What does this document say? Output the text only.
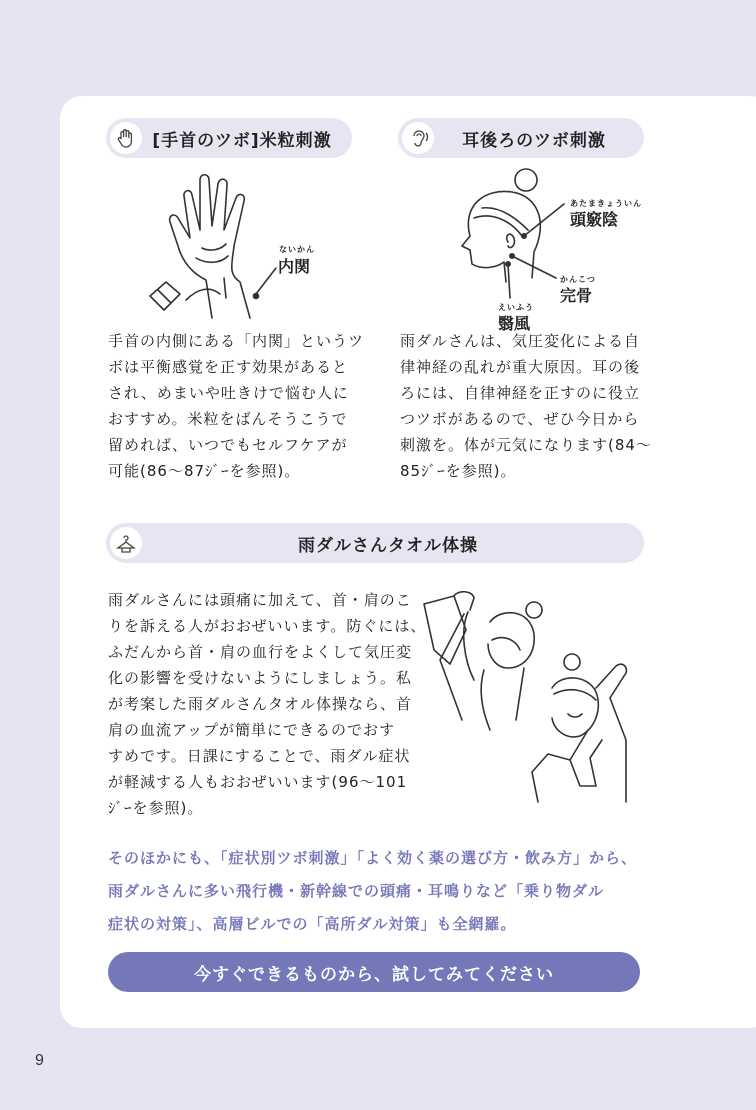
[手首のツボ]米粒刺激
ないかん
内関
手首の内側にある「内関」というツ
ボは平衡感覚を正す効果があると
され、めまいや吐きけで悩む人に
おすすめ。米粒をばんそうこうで
留めれば、いつでもセルフケアが
可能(86〜87ｼﾞｰを参照)。
耳後ろのツボ刺激
あたまきょういん
頭竅陰
かんこつ
完骨
えいふう
翳風
雨ダルさんは、気圧変化による自
律神経の乱れが重大原因。耳の後
ろには、自律神経を正すのに役立
つツボがあるので、ぜひ今日から
刺激を。体が元気になります(84〜
85ｼﾞｰを参照)。
雨ダルさんタオル体操
雨ダルさんには頭痛に加えて、首・肩のこ
りを訴える人がおおぜいいます。防ぐには、
ふだんから首・肩の血行をよくして気圧変
化の影響を受けないようにしましょう。私
が考案した雨ダルさんタオル体操なら、首
肩の血流アップが簡単にできるのでおす
すめです。日課にすることで、雨ダル症状
が軽減する人もおおぜいいます(96〜101
ｼﾞｰを参照)。
そのほかにも、「症状別ツボ刺激」「よく効く薬の選び方・飲み方」から、
雨ダルさんに多い飛行機・新幹線での頭痛・耳鳴りなど「乗り物ダル
症状の対策」、高層ビルでの「高所ダル対策」も全網羅。
今すぐできるものから、試してみてください
9
